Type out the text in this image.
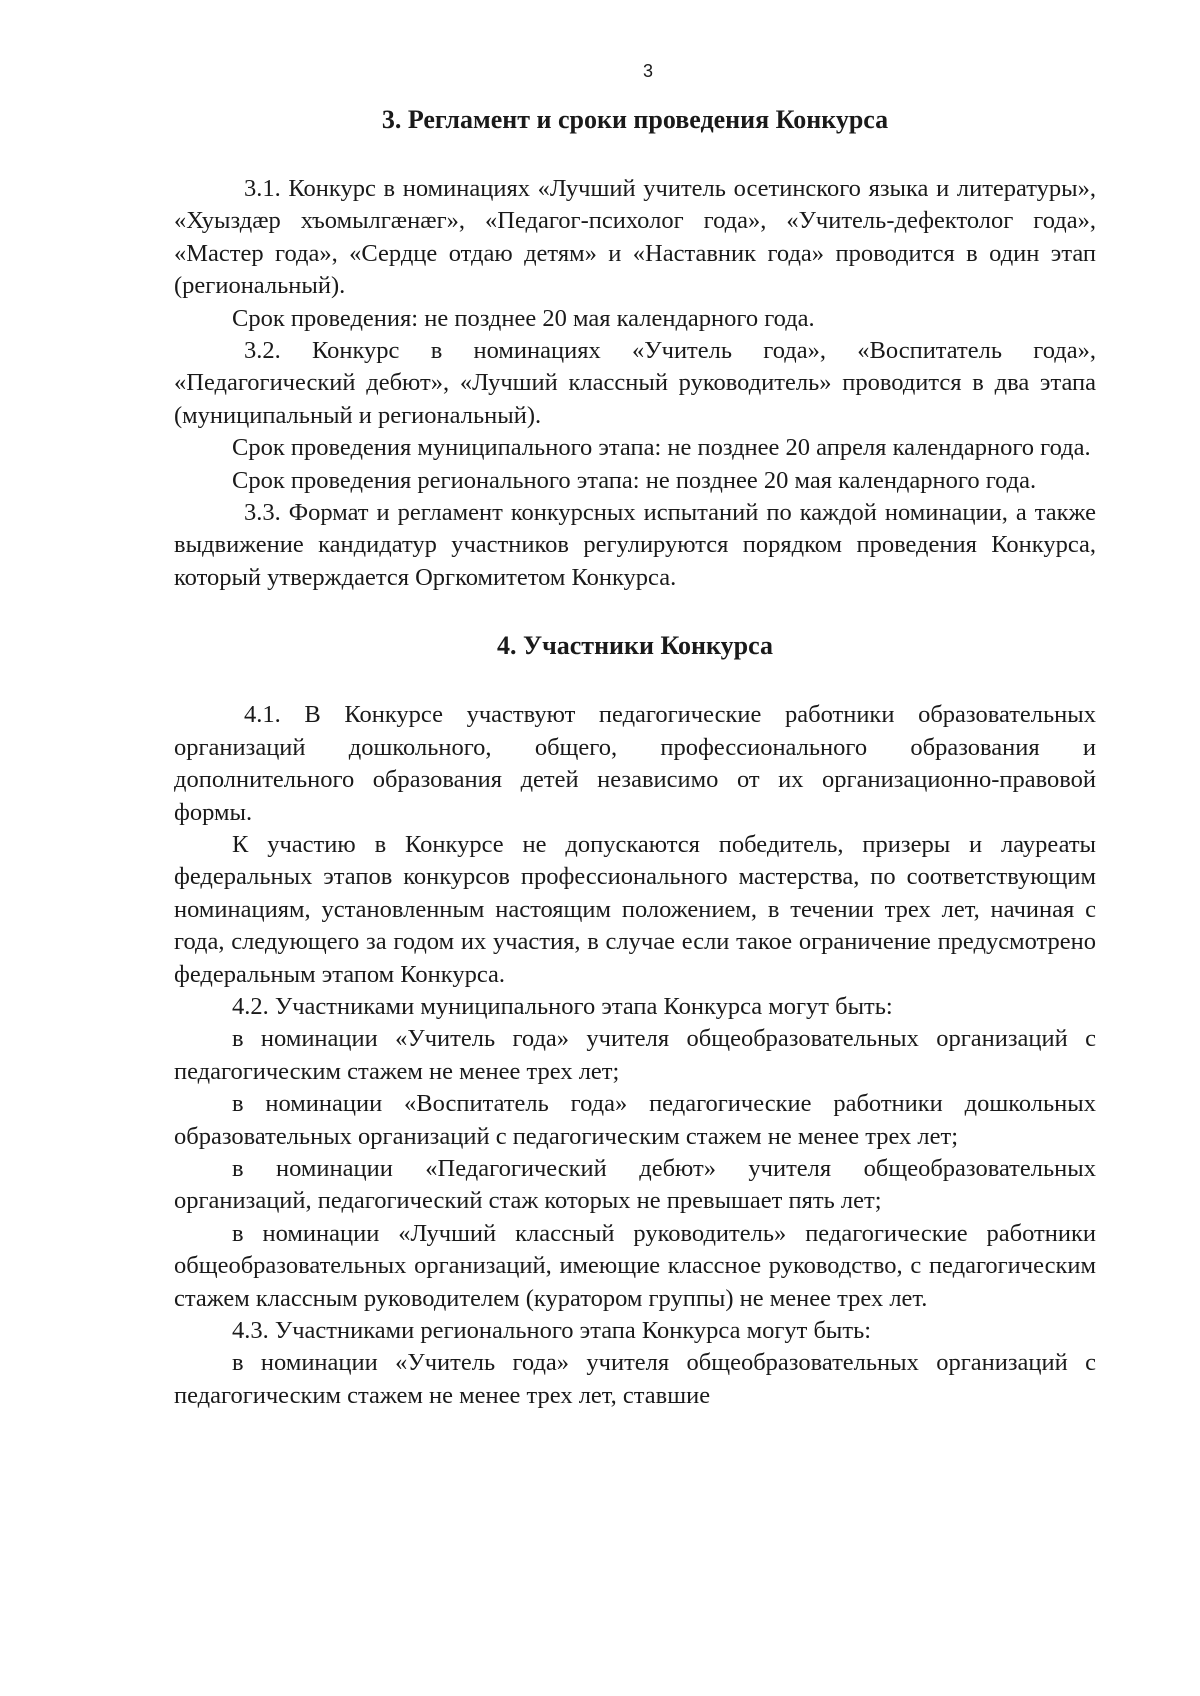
3
3. Регламент и сроки проведения Конкурса

3.1. Конкурс в номинациях «Лучший учитель осетинского языка и литературы», «Хуыздæр хъомылгæнæг», «Педагог-психолог года», «Учитель-дефектолог года», «Мастер года», «Сердце отдаю детям» и «Наставник года» проводится в один этап (региональный).

Срок проведения: не позднее 20 мая календарного года.

3.2. Конкурс в номинациях «Учитель года», «Воспитатель года», «Педагогический дебют», «Лучший классный руководитель» проводится в два этапа (муниципальный и региональный).

Срок проведения муниципального этапа: не позднее 20 апреля календарного года.

Срок проведения регионального этапа: не позднее 20 мая календарного года.

3.3. Формат и регламент конкурсных испытаний по каждой номинации, а также выдвижение кандидатур участников регулируются порядком проведения Конкурса, который утверждается Оргкомитетом Конкурса.

4. Участники Конкурса

4.1. В Конкурсе участвуют педагогические работники образовательных организаций дошкольного, общего, профессионального образования и дополнительного образования детей независимо от их организационно-правовой формы.

К участию в Конкурсе не допускаются победитель, призеры и лауреаты федеральных этапов конкурсов профессионального мастерства, по соответствующим номинациям, установленным настоящим положением, в течении трех лет, начиная с года, следующего за годом их участия, в случае если такое ограничение предусмотрено федеральным этапом Конкурса.

4.2. Участниками муниципального этапа Конкурса могут быть:

в номинации «Учитель года» учителя общеобразовательных организаций с педагогическим стажем не менее трех лет;

в номинации «Воспитатель года» педагогические работники дошкольных образовательных организаций с педагогическим стажем не менее трех лет;

в номинации «Педагогический дебют» учителя общеобразовательных организаций, педагогический стаж которых не превышает пять лет;

в номинации «Лучший классный руководитель» педагогические работники общеобразовательных организаций, имеющие классное руководство, с педагогическим стажем классным руководителем (куратором группы) не менее трех лет.

4.3. Участниками регионального этапа Конкурса могут быть:

в номинации «Учитель года» учителя общеобразовательных организаций с педагогическим стажем не менее трех лет, ставшие
